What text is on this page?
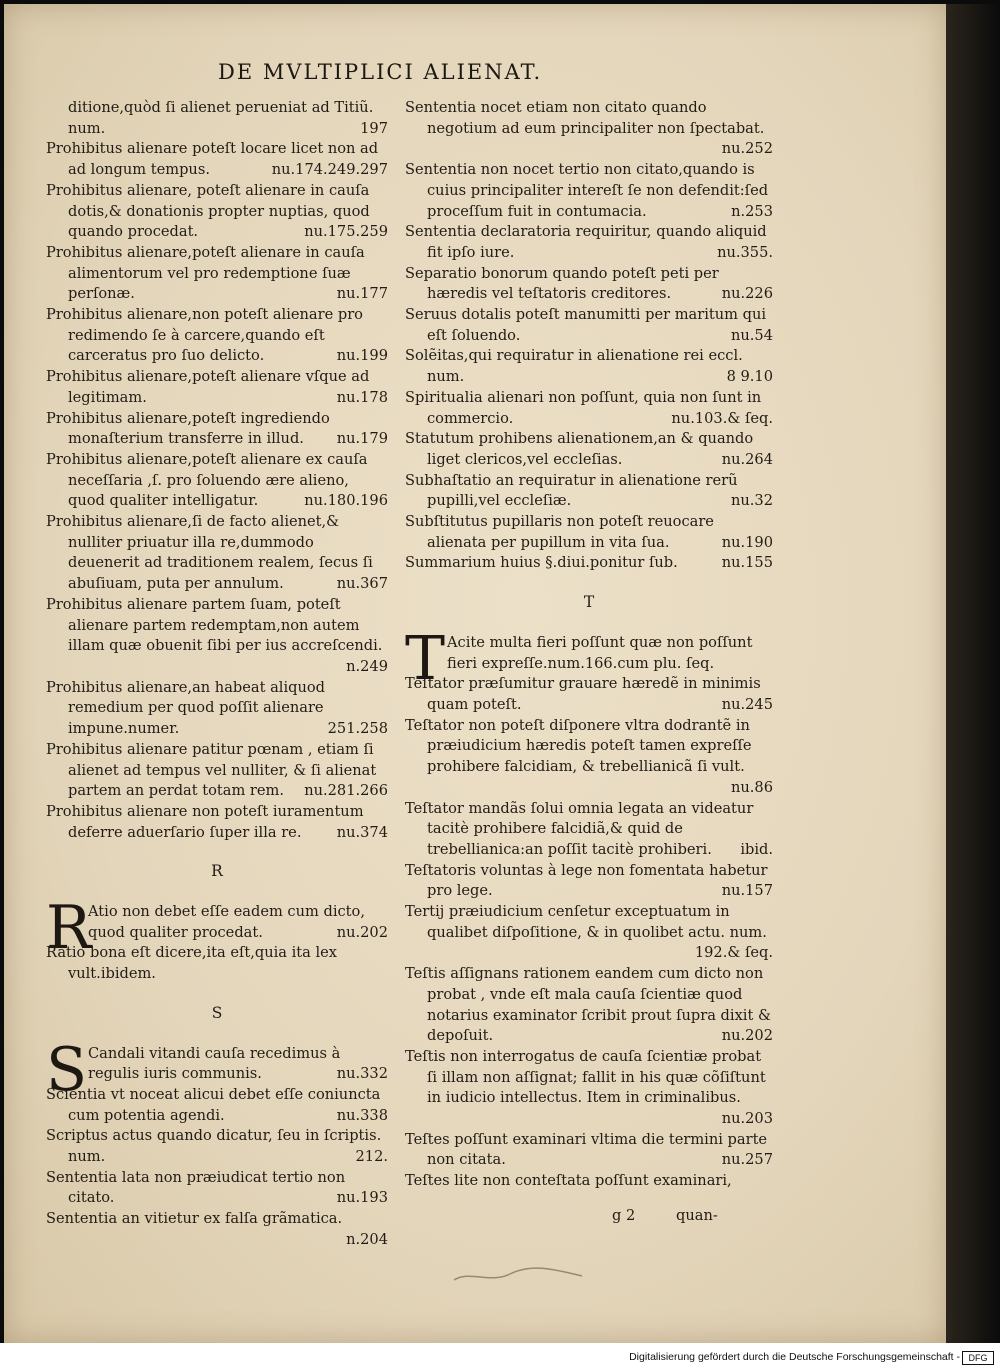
DE MVLTIPLICI ALIENAT.
ditione,quòd ſi alienet perueniat ad Titiũ.
num.	197
Prohibitus alienare poteſt locare licet non ad ad longum tempus.	nu.174.249.297
Prohibitus alienare, poteſt alienare in cauſa dotis,& donationis propter nuptias, quod quando procedat.	nu.175.259
Prohibitus alienare,poteſt alienare in cauſa alimentorum vel pro redemptione ſuæ perſonæ.	nu.177
Prohibitus alienare,non poteſt alienare pro redimendo ſe à carcere,quando eſt carceratus pro ſuo delicto.	nu.199
Prohibitus alienare,poteſt alienare vſque ad legitimam.	nu.178
Prohibitus alienare,poteſt ingrediendo monaſterium transferre in illud. nu.179
Prohibitus alienare,poteſt alienare ex cauſa neceſſaria ,ſ. pro ſoluendo ære alieno, quod qualiter intelligatur.	nu.180.196
Prohibitus alienare,ſi de facto alienet,& nulliter priuatur illa re,dummodo deuenerit ad traditionem realem, ſecus ſi abuſiuam, puta per annulum.	nu.367
Prohibitus alienare partem ſuam, poteſt alienare partem redemptam,non autem illam quæ obuenit ſibi per ius accreſcendi.
n.249
Prohibitus alienare,an habeat aliquod remedium per quod poſſit alienare impune.numer.	251.258
Prohibitus alienare patitur pœnam , etiam ſi alienet ad tempus vel nulliter, & ſi alienat partem an perdat totam rem. nu.281.266
Prohibitus alienare non poteſt iuramentum deferre aduerſario ſuper illa re. nu.374
R
R
Atio non debet eſſe eadem cum dicto, quod qualiter procedat.	nu.202
Ratio bona eſt dicere,ita eſt,quia ita lex vult.ibidem.
S
S Candali vitandi cauſa recedimus à regulis iuris communis.	nu.332
Scientia vt noceat alicui debet eſſe coniuncta cum potentia agendi.	nu.338
Scriptus actus quando dicatur, ſeu in ſcriptis. num.	212.
Sententia lata non præiudicat tertio non citato.	nu.193
Sententia an vitietur ex falſa grãmatica.
n.204
Sententia nocet etiam non citato quando negotium ad eum principaliter non ſpectabat.
nu.252
Sententia non nocet tertio non citato,quando is cuius principaliter intereſt ſe non defendit:ſed proceſſum fuit in contumacia.	n.253
Sententia declaratoria requiritur, quando aliquid fit ipſo iure.	nu.355.
Separatio bonorum quando poteſt peti per hæredis vel teſtatoris creditores.	nu.226
Seruus dotalis poteſt manumitti per maritum qui eſt ſoluendo.	nu.54
Solẽitas,qui requiratur in alienatione rei eccl. num.	8 9.10
Spiritualia alienari non poſſunt, quia non ſunt in commercio.	nu.103.& ſeq.
Statutum prohibens alienationem,an & quando liget clericos,vel eccleſias.	nu.264
Subhaſtatio an requiratur in alienatione rerũ pupilli,vel eccleſiæ.	nu.32
Subſtitutus pupillaris non poteſt reuocare alienata per pupillum in vita ſua.	nu.190
Summarium huius §.diui.ponitur ſub.	nu.155
T
T Acite multa fieri poſſunt quæ non poſſunt fieri expreſſe.num.166.cum plu. ſeq.
Teſtator præſumitur grauare hæredẽ in minimis quam poteſt.	nu.245
Teſtator non poteſt diſponere vltra dodrantẽ in præiudicium hæredis poteſt tamen expreſſe prohibere falcidiam, & trebellianicã ſi vult.
nu.86
Teſtator mandãs ſolui omnia legata an videatur tacitè prohibere falcidiã,& quid de trebellianica:an poſſit tacitè prohiberi. ibid.
Teſtatoris voluntas à lege non fomentata habetur pro lege.	nu.157
Tertij præiudicium cenſetur exceptuatum in qualibet diſpoſitione, & in quolibet actu. num.
192.& ſeq.
Teſtis aſſignans rationem eandem cum dicto non probat , vnde eſt mala cauſa ſcientiæ quod notarius examinator ſcribit prout ſupra dixit & depoſuit.	nu.202
Teſtis non interrogatus de cauſa ſcientiæ probat ſi illam non aſſignat; fallit in his quæ cõſiſtunt in iudicio intellectus. Item in criminalibus.
nu.203
Teſtes poſſunt examinari vltima die termini parte non citata.	nu.257
Teſtes lite non conteſtata poſſunt examinari,
g 2	quan-
Digitalisierung gefördert durch die Deutsche Forschungsgemeinschaft - DFG
